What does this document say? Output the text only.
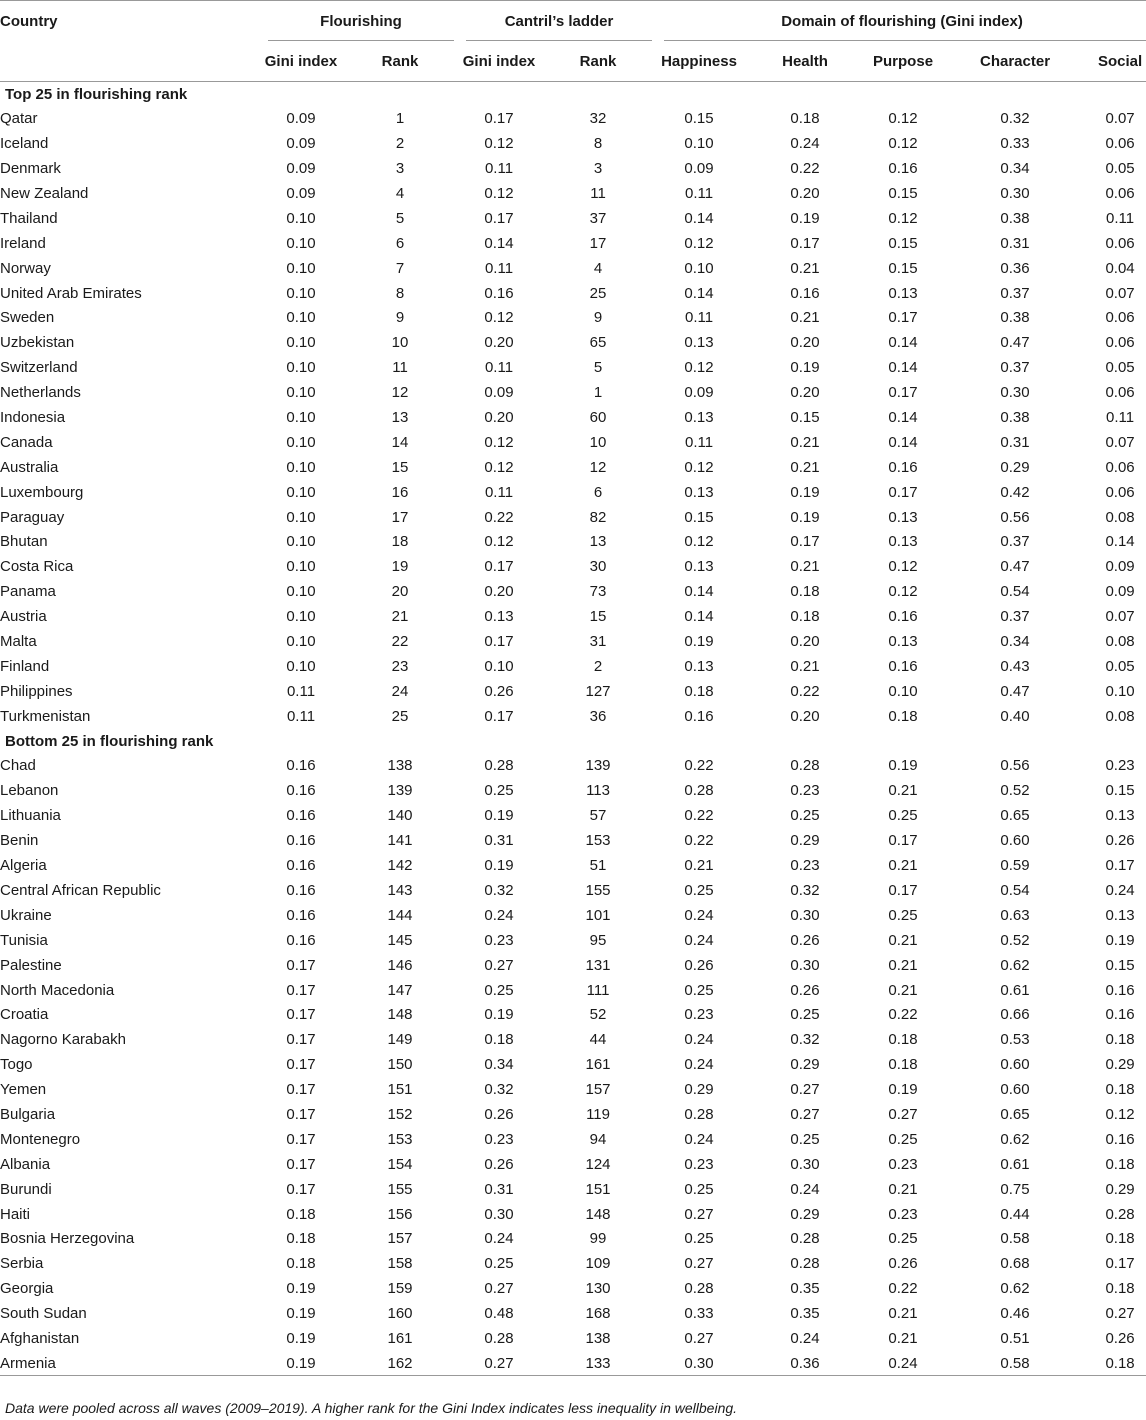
Country	Flourishing		Cantril’s ladder		Domain of flourishing (Gini index)				
	Gini index	Rank	Gini index	Rank	Happiness	Health	Purpose	Character	Social
Top 25 in flourishing rank									
Qatar	0.09	1	0.17	32	0.15	0.18	0.12	0.32	0.07
Iceland	0.09	2	0.12	8	0.10	0.24	0.12	0.33	0.06
Denmark	0.09	3	0.11	3	0.09	0.22	0.16	0.34	0.05
New Zealand	0.09	4	0.12	11	0.11	0.20	0.15	0.30	0.06
Thailand	0.10	5	0.17	37	0.14	0.19	0.12	0.38	0.11
Ireland	0.10	6	0.14	17	0.12	0.17	0.15	0.31	0.06
Norway	0.10	7	0.11	4	0.10	0.21	0.15	0.36	0.04
United Arab Emirates	0.10	8	0.16	25	0.14	0.16	0.13	0.37	0.07
Sweden	0.10	9	0.12	9	0.11	0.21	0.17	0.38	0.06
Uzbekistan	0.10	10	0.20	65	0.13	0.20	0.14	0.47	0.06
Switzerland	0.10	11	0.11	5	0.12	0.19	0.14	0.37	0.05
Netherlands	0.10	12	0.09	1	0.09	0.20	0.17	0.30	0.06
Indonesia	0.10	13	0.20	60	0.13	0.15	0.14	0.38	0.11
Canada	0.10	14	0.12	10	0.11	0.21	0.14	0.31	0.07
Australia	0.10	15	0.12	12	0.12	0.21	0.16	0.29	0.06
Luxembourg	0.10	16	0.11	6	0.13	0.19	0.17	0.42	0.06
Paraguay	0.10	17	0.22	82	0.15	0.19	0.13	0.56	0.08
Bhutan	0.10	18	0.12	13	0.12	0.17	0.13	0.37	0.14
Costa Rica	0.10	19	0.17	30	0.13	0.21	0.12	0.47	0.09
Panama	0.10	20	0.20	73	0.14	0.18	0.12	0.54	0.09
Austria	0.10	21	0.13	15	0.14	0.18	0.16	0.37	0.07
Malta	0.10	22	0.17	31	0.19	0.20	0.13	0.34	0.08
Finland	0.10	23	0.10	2	0.13	0.21	0.16	0.43	0.05
Philippines	0.11	24	0.26	127	0.18	0.22	0.10	0.47	0.10
Turkmenistan	0.11	25	0.17	36	0.16	0.20	0.18	0.40	0.08
Bottom 25 in flourishing rank									
Chad	0.16	138	0.28	139	0.22	0.28	0.19	0.56	0.23
Lebanon	0.16	139	0.25	113	0.28	0.23	0.21	0.52	0.15
Lithuania	0.16	140	0.19	57	0.22	0.25	0.25	0.65	0.13
Benin	0.16	141	0.31	153	0.22	0.29	0.17	0.60	0.26
Algeria	0.16	142	0.19	51	0.21	0.23	0.21	0.59	0.17
Central African Republic	0.16	143	0.32	155	0.25	0.32	0.17	0.54	0.24
Ukraine	0.16	144	0.24	101	0.24	0.30	0.25	0.63	0.13
Tunisia	0.16	145	0.23	95	0.24	0.26	0.21	0.52	0.19
Palestine	0.17	146	0.27	131	0.26	0.30	0.21	0.62	0.15
North Macedonia	0.17	147	0.25	111	0.25	0.26	0.21	0.61	0.16
Croatia	0.17	148	0.19	52	0.23	0.25	0.22	0.66	0.16
Nagorno Karabakh	0.17	149	0.18	44	0.24	0.32	0.18	0.53	0.18
Togo	0.17	150	0.34	161	0.24	0.29	0.18	0.60	0.29
Yemen	0.17	151	0.32	157	0.29	0.27	0.19	0.60	0.18
Bulgaria	0.17	152	0.26	119	0.28	0.27	0.27	0.65	0.12
Montenegro	0.17	153	0.23	94	0.24	0.25	0.25	0.62	0.16
Albania	0.17	154	0.26	124	0.23	0.30	0.23	0.61	0.18
Burundi	0.17	155	0.31	151	0.25	0.24	0.21	0.75	0.29
Haiti	0.18	156	0.30	148	0.27	0.29	0.23	0.44	0.28
Bosnia Herzegovina	0.18	157	0.24	99	0.25	0.28	0.25	0.58	0.18
Serbia	0.18	158	0.25	109	0.27	0.28	0.26	0.68	0.17
Georgia	0.19	159	0.27	130	0.28	0.35	0.22	0.62	0.18
South Sudan	0.19	160	0.48	168	0.33	0.35	0.21	0.46	0.27
Afghanistan	0.19	161	0.28	138	0.27	0.24	0.21	0.51	0.26
Armenia	0.19	162	0.27	133	0.30	0.36	0.24	0.58	0.18
Data were pooled across all waves (2009–2019). A higher rank for the Gini Index indicates less inequality in wellbeing.
